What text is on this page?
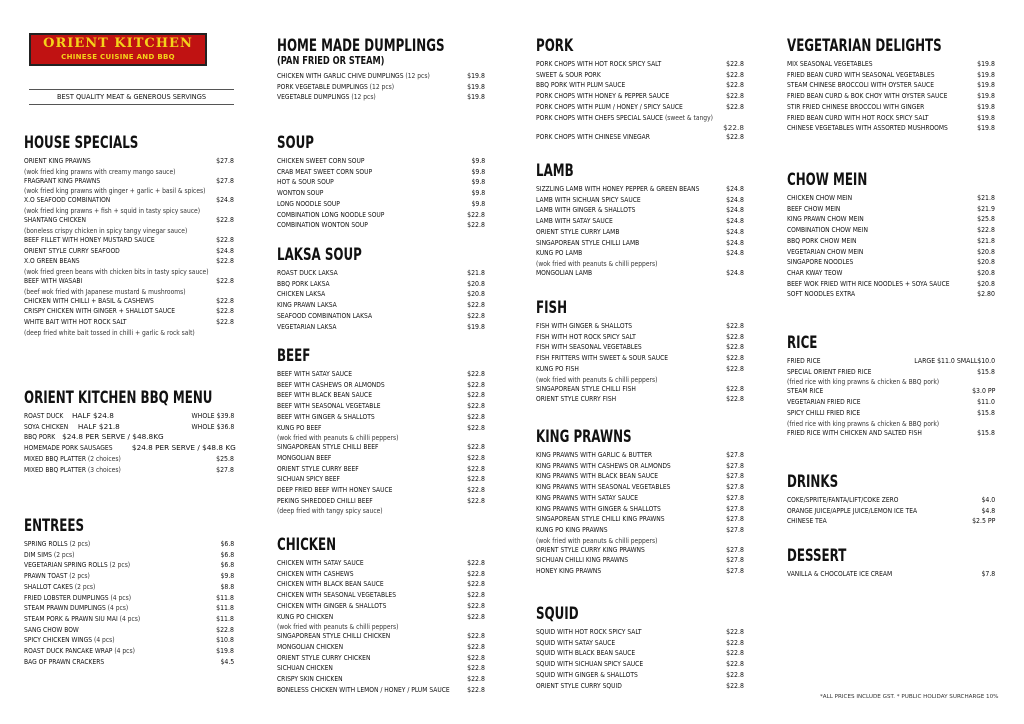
ORIENT KITCHEN
CHINESE CUISINE AND BBQ
BEST QUALITY MEAT & GENEROUS SERVINGS
HOUSE SPECIALS
ORIENT KING PRAWNS	$27.8
(wok fried king prawns with creamy mango sauce)
FRAGRANT KING PRAWNS	$27.8
(wok fried king prawns with ginger + garlic + basil & spices)
X.O SEAFOOD COMBINATION	$24.8
(wok fried king prawns + fish + squid in tasty spicy sauce)
SHANTANG CHICKEN	$22.8
(boneless crispy chicken in spicy tangy vinegar sauce)
BEEF FILLET WITH HONEY MUSTARD SAUCE	$22.8
ORIENT STYLE CURRY SEAFOOD	$24.8
X.O GREEN BEANS	$22.8
(wok fried green beans with chicken bits in tasty spicy sauce)
BEEF WITH WASABI	$22.8
(beef wok fried with Japanese mustard & mushrooms)
CHICKEN WITH CHILLI + BASIL & CASHEWS	$22.8
CRISPY CHICKEN WITH GINGER + SHALLOT SAUCE	$22.8
WHITE BAIT WITH HOT ROCK SALT	$22.8
(deep fried white bait tossed in chilli + garlic & rock salt)
ORIENT KITCHEN BBQ MENU
ROAST DUCK HALF $24.8	WHOLE $39.8
SOYA CHICKEN HALF $21.8	WHOLE $36.8
BBQ PORK $24.8 PER SERVE / $48.8KG
HOMEMADE PORK SAUSAGES	$24.8 PER SERVE / $48.8 KG
MIXED BBQ PLATTER (2 choices)	$25.8
MIXED BBQ PLATTER (3 choices)	$27.8
ENTREES
SPRING ROLLS (2 pcs)	$6.8
DIM SIMS (2 pcs)	$6.8
VEGETARIAN SPRING ROLLS (2 pcs)	$6.8
PRAWN TOAST (2 pcs)	$9.8
SHALLOT CAKES (2 pcs)	$8.8
FRIED LOBSTER DUMPLINGS (4 pcs)	$11.8
STEAM PRAWN DUMPLINGS (4 pcs)	$11.8
STEAM PORK & PRAWN SIU MAI (4 pcs)	$11.8
SANG CHOW BOW	$22.8
SPICY CHICKEN WINGS (4 pcs)	$10.8
ROAST DUCK PANCAKE WRAP (4 pcs)	$19.8
BAG OF PRAWN CRACKERS	$4.5
HOME MADE DUMPLINGS
(PAN FRIED OR STEAM)
CHICKEN WITH GARLIC CHIVE DUMPLINGS (12 pcs)	$19.8
PORK VEGETABLE DUMPLINGS (12 pcs)	$19.8
VEGETABLE DUMPLINGS (12 pcs)	$19.8
SOUP
CHICKEN SWEET CORN SOUP	$9.8
CRAB MEAT SWEET CORN SOUP	$9.8
HOT & SOUR SOUP	$9.8
WONTON SOUP	$9.8
LONG NOODLE SOUP	$9.8
COMBINATION LONG NOODLE SOUP	$22.8
COMBINATION WONTON SOUP	$22.8
LAKSA SOUP
ROAST DUCK LAKSA	$21.8
BBQ PORK LAKSA	$20.8
CHICKEN LAKSA	$20.8
KING PRAWN LAKSA	$22.8
SEAFOOD COMBINATION LAKSA	$22.8
VEGETARIAN LAKSA	$19.8
BEEF
BEEF WITH SATAY SAUCE	$22.8
BEEF WITH CASHEWS OR ALMONDS	$22.8
BEEF WITH BLACK BEAN SAUCE	$22.8
BEEF WITH SEASONAL VEGETABLE	$22.8
BEEF WITH GINGER & SHALLOTS	$22.8
KUNG PO BEEF	$22.8
(wok fried with peanuts & chilli peppers)
SINGAPOREAN STYLE CHILLI BEEF	$22.8
MONGOLIAN BEEF	$22.8
ORIENT STYLE CURRY BEEF	$22.8
SICHUAN SPICY BEEF	$22.8
DEEP FRIED BEEF WITH HONEY SAUCE	$22.8
PEKING SHREDDED CHILLI BEEF	$22.8
(deep fried with tangy spicy sauce)
CHICKEN
CHICKEN WITH SATAY SAUCE	$22.8
CHICKEN WITH CASHEWS	$22.8
CHICKEN WITH BLACK BEAN SAUCE	$22.8
CHICKEN WITH SEASONAL VEGETABLES	$22.8
CHICKEN WITH GINGER & SHALLOTS	$22.8
KUNG PO CHICKEN	$22.8
(wok fried with peanuts & chilli peppers)
SINGAPOREAN STYLE CHILLI CHICKEN	$22.8
MONGOLIAN CHICKEN	$22.8
ORIENT STYLE CURRY CHICKEN	$22.8
SICHUAN CHICKEN	$22.8
CRISPY SKIN CHICKEN	$22.8
BONELESS CHICKEN WITH LEMON / HONEY / PLUM SAUCE $22.8
PORK
PORK CHOPS WITH HOT ROCK SPICY SALT	$22.8
SWEET & SOUR PORK	$22.8
BBQ PORK WITH PLUM SAUCE	$22.8
PORK CHOPS WITH HONEY & PEPPER SAUCE	$22.8
PORK CHOPS WITH PLUM / HONEY / SPICY SAUCE	$22.8
PORK CHOPS WITH CHEFS SPECIAL SAUCE (sweet & tangy)
$22.8
PORK CHOPS WITH CHINESE VINEGAR	$22.8
LAMB
SIZZLING LAMB WITH HONEY PEPPER & GREEN BEANS	$24.8
LAMB WITH SICHUAN SPICY SAUCE	$24.8
LAMB WITH GINGER & SHALLOTS	$24.8
LAMB WITH SATAY SAUCE	$24.8
ORIENT STYLE CURRY LAMB	$24.8
SINGAPOREAN STYLE CHILLI LAMB	$24.8
KUNG PO LAMB	$24.8
(wok fried with peanuts & chilli peppers)
MONGOLIAN LAMB	$24.8
FISH
FISH WITH GINGER & SHALLOTS	$22.8
FISH WITH HOT ROCK SPICY SALT	$22.8
FISH WITH SEASONAL VEGETABLES	$22.8
FISH FRITTERS WITH SWEET & SOUR SAUCE	$22.8
KUNG PO FISH	$22.8
(wok fried with peanuts & chilli peppers)
SINGAPOREAN STYLE CHILLI FISH	$22.8
ORIENT STYLE CURRY FISH	$22.8
KING PRAWNS
KING PRAWNS WITH GARLIC & BUTTER	$27.8
KING PRAWNS WITH CASHEWS OR ALMONDS	$27.8
KING PRAWNS WITH BLACK BEAN SAUCE	$27.8
KING PRAWNS WITH SEASONAL VEGETABLES	$27.8
KING PRAWNS WITH SATAY SAUCE	$27.8
KING PRAWNS WITH GINGER & SHALLOTS	$27.8
SINGAPOREAN STYLE CHILLI KING PRAWNS	$27.8
KUNG PO KING PRAWNS	$27.8
(wok fried with peanuts & chilli peppers)
ORIENT STYLE CURRY KING PRAWNS	$27.8
SICHUAN CHILLI KING PRAWNS	$27.8
HONEY KING PRAWNS	$27.8
SQUID
SQUID WITH HOT ROCK SPICY SALT	$22.8
SQUID WITH SATAY SAUCE	$22.8
SQUID WITH BLACK BEAN SAUCE	$22.8
SQUID WITH SICHUAN SPICY SAUCE	$22.8
SQUID WITH GINGER & SHALLOTS	$22.8
ORIENT STYLE CURRY SQUID	$22.8
VEGETARIAN DELIGHTS
MIX SEASONAL VEGETABLES	$19.8
FRIED BEAN CURD WITH SEASONAL VEGETABLES	$19.8
STEAM CHINESE BROCCOLI WITH OYSTER SAUCE	$19.8
FRIED BEAN CURD & BOK CHOY WITH OYSTER SAUCE	$19.8
STIR FRIED CHINESE BROCCOLI WITH GINGER	$19.8
FRIED BEAN CURD WITH HOT ROCK SPICY SALT	$19.8
CHINESE VEGETABLES WITH ASSORTED MUSHROOMS	$19.8
CHOW MEIN
CHICKEN CHOW MEIN	$21.8
BEEF CHOW MEIN	$21.9
KING PRAWN CHOW MEIN	$25.8
COMBINATION CHOW MEIN	$22.8
BBQ PORK CHOW MEIN	$21.8
VEGETARIAN CHOW MEIN	$20.8
SINGAPORE NOODLES	$20.8
CHAR KWAY TEOW	$20.8
BEEF WOK FRIED WITH RICE NOODLES + SOYA SAUCE	$20.8
SOFT NOODLES EXTRA	$2.80
RICE
FRIED RICE	LARGE $11.0 SMALL$10.0
SPECIAL ORIENT FRIED RICE	$15.8
(fried rice with king prawns & chicken & BBQ pork)
STEAM RICE	$3.0 PP
VEGETARIAN FRIED RICE	$11.0
SPICY CHILLI FRIED RICE	$15.8
(fried rice with king prawns & chicken & BBQ pork)
FRIED RICE WITH CHICKEN AND SALTED FISH	$15.8
DRINKS
COKE/SPRITE/FANTA/LIFT/COKE ZERO	$4.0
ORANGE JUICE/APPLE JUICE/LEMON ICE TEA	$4.8
CHINESE TEA	$2.5 PP
DESSERT
VANILLA & CHOCOLATE ICE CREAM	$7.8
*ALL PRICES INCLUDE GST. * PUBLIC HOLIDAY SURCHARGE 10%
